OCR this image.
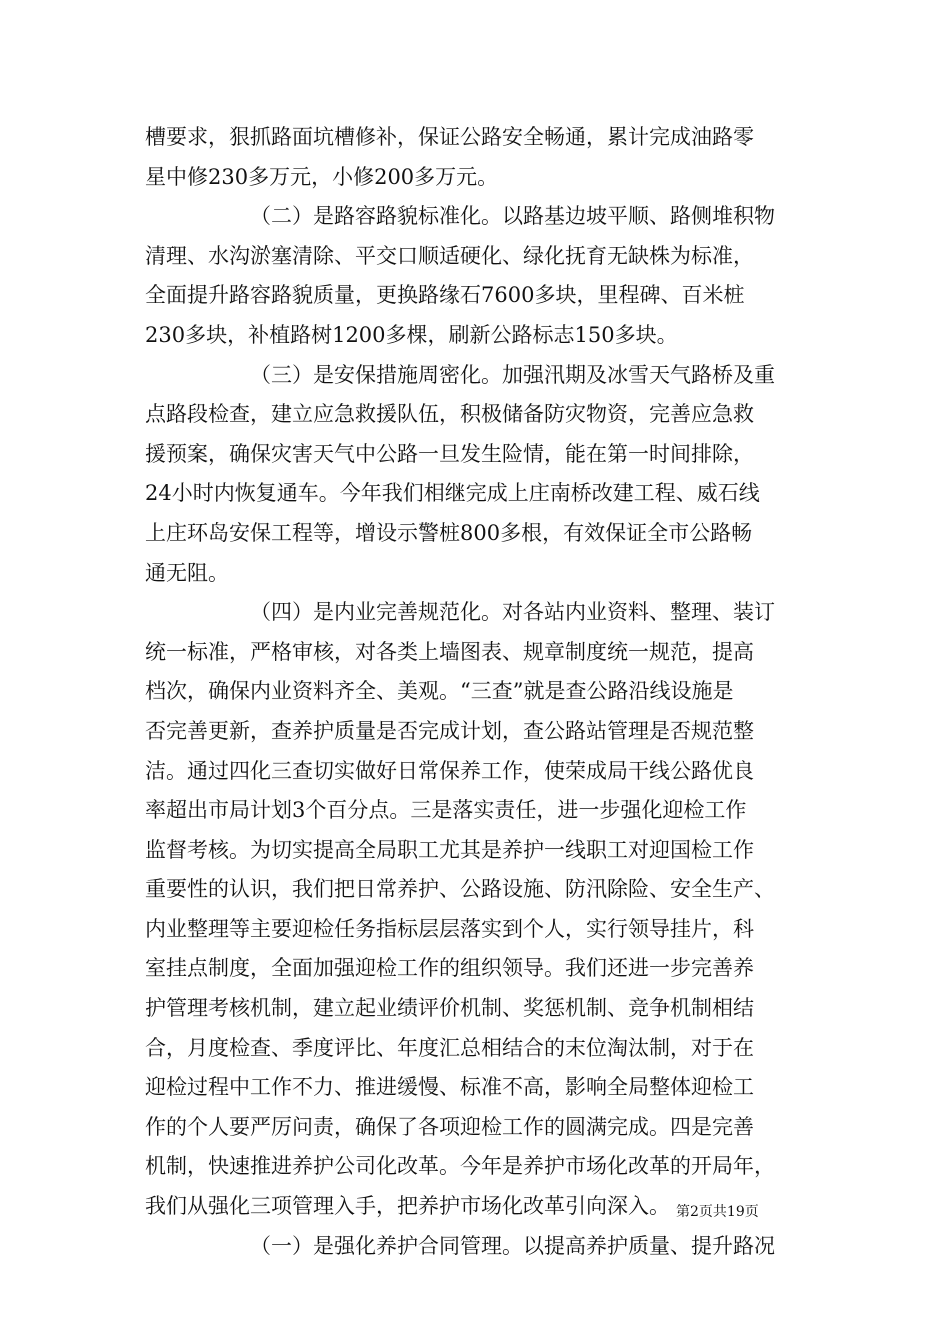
槽要求，狠抓路面坑槽修补，保证公路安全畅通，累计完成油路零
星中修230多万元，小修200多万元。
（二）是路容路貌标准化。以路基边坡平顺、路侧堆积物
清理、水沟淤塞清除、平交口顺适硬化、绿化抚育无缺株为标准，
全面提升路容路貌质量，更换路缘石7600多块，里程碑、百米桩
230多块，补植路树1200多棵，刷新公路标志150多块。
（三）是安保措施周密化。加强汛期及冰雪天气路桥及重
点路段检查，建立应急救援队伍，积极储备防灾物资，完善应急救
援预案，确保灾害天气中公路一旦发生险情，能在第一时间排除，
24小时内恢复通车。今年我们相继完成上庄南桥改建工程、威石线
上庄环岛安保工程等，增设示警桩800多根，有效保证全市公路畅
通无阻。
（四）是内业完善规范化。对各站内业资料、整理、装订
统一标准，严格审核，对各类上墙图表、规章制度统一规范，提高
档次，确保内业资料齐全、美观。“三查”就是查公路沿线设施是
否完善更新，查养护质量是否完成计划，查公路站管理是否规范整
洁。通过四化三查切实做好日常保养工作，使荣成局干线公路优良
率超出市局计划3个百分点。三是落实责任，进一步强化迎检工作
监督考核。为切实提高全局职工尤其是养护一线职工对迎国检工作
重要性的认识，我们把日常养护、公路设施、防汛除险、安全生产、
内业整理等主要迎检任务指标层层落实到个人，实行领导挂片，科
室挂点制度，全面加强迎检工作的组织领导。我们还进一步完善养
护管理考核机制，建立起业绩评价机制、奖惩机制、竞争机制相结
合，月度检查、季度评比、年度汇总相结合的末位淘汰制，对于在
迎检过程中工作不力、推进缓慢、标准不高，影响全局整体迎检工
作的个人要严厉问责，确保了各项迎检工作的圆满完成。四是完善
机制，快速推进养护公司化改革。今年是养护市场化改革的开局年，
我们从强化三项管理入手，把养护市场化改革引向深入。
（一）是强化养护合同管理。以提高养护质量、提升路况
第2页共19页
